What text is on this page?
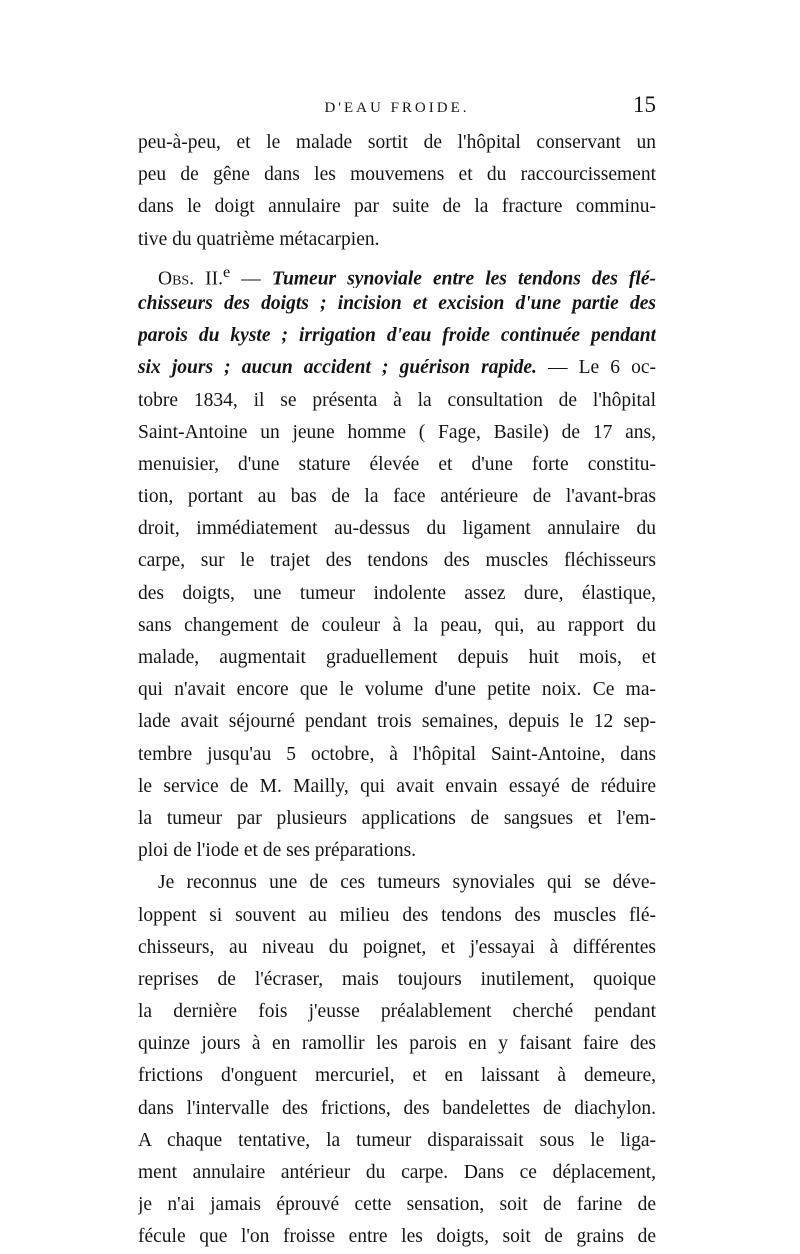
D'EAU FROIDE.	15
peu-à-peu, et le malade sortit de l'hôpital conservant un
peu de gêne dans les mouvemens et du raccourcissement
dans le doigt annulaire par suite de la fracture comminu-
tive du quatrième métacarpien.
Obs. II.$^e$ — Tumeur synoviale entre les tendons des flé-
chisseurs des doigts ; incision et excision d'une partie des
parois du kyste ; irrigation d'eau froide continuée pendant
six jours ; aucun accident ; guérison rapide. — Le 6 oc-
tobre 1834, il se présenta à la consultation de l'hôpital
Saint-Antoine un jeune homme ( Fage, Basile) de 17 ans,
menuisier, d'une stature élevée et d'une forte constitu-
tion, portant au bas de la face antérieure de l'avant-bras
droit, immédiatement au-dessus du ligament annulaire du
carpe, sur le trajet des tendons des muscles fléchisseurs
des doigts, une tumeur indolente assez dure, élastique,
sans changement de couleur à la peau, qui, au rapport du
malade, augmentait graduellement depuis huit mois, et
qui n'avait encore que le volume d'une petite noix. Ce ma-
lade avait séjourné pendant trois semaines, depuis le 12 sep-
tembre jusqu'au 5 octobre, à l'hôpital Saint-Antoine, dans
le service de M. Mailly, qui avait envain essayé de réduire
la tumeur par plusieurs applications de sangsues et l'em-
ploi de l'iode et de ses préparations.
Je reconnus une de ces tumeurs synoviales qui se déve-
loppent si souvent au milieu des tendons des muscles flé-
chisseurs, au niveau du poignet, et j'essayai à différentes
reprises de l'écraser, mais toujours inutilement, quoique
la dernière fois j'eusse préalablement cherché pendant
quinze jours à en ramollir les parois en y faisant faire des
frictions d'onguent mercuriel, et en laissant à demeure,
dans l'intervalle des frictions, des bandelettes de diachylon.
A chaque tentative, la tumeur disparaissait sous le liga-
ment annulaire antérieur du carpe. Dans ce déplacement,
je n'ai jamais éprouvé cette sensation, soit de farine de
fécule que l'on froisse entre les doigts, soit de grains de
